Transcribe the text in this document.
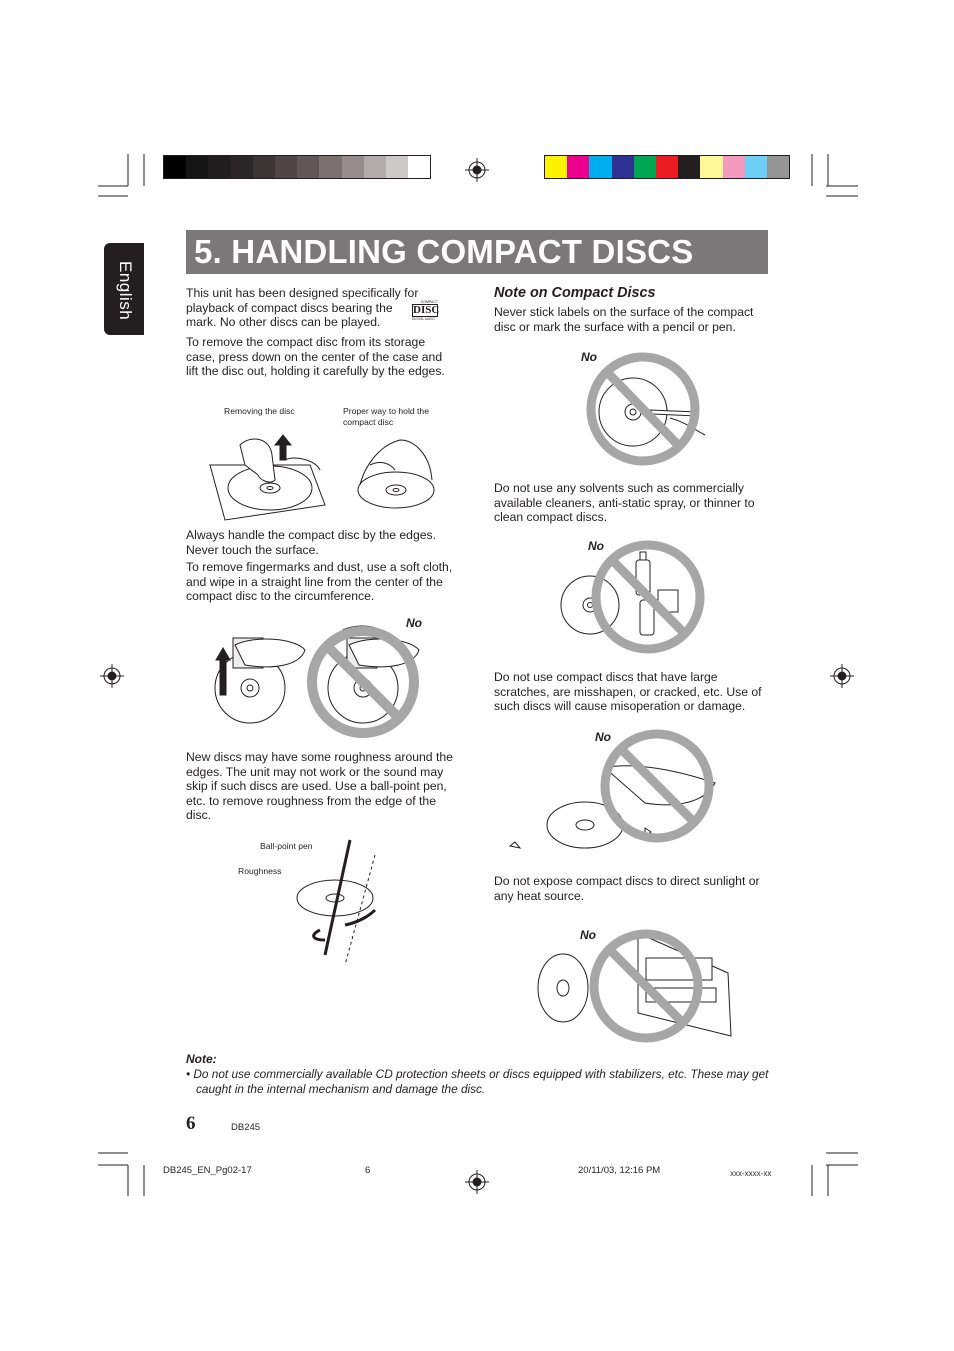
English
5. HANDLING COMPACT DISCS
This unit has been designed specifically for
playback of compact discs bearing the
mark. No other discs can be played.
COMPACT
DISC
DIGITAL AUDIO

To remove the compact disc from its storage case, press down on the center of the case and lift the disc out, holding it carefully by the edges.

Removing the disc	Proper way to hold the compact disc

Always handle the compact disc by the edges. Never touch the surface.

To remove fingermarks and dust, use a soft cloth, and wipe in a straight line from the center of the compact disc to the circumference.

No

New discs may have some roughness around the edges. The unit may not work or the sound may skip if such discs are used. Use a ball-point pen, etc. to remove roughness from the edge of the disc.

Ball-point pen
Roughness
Note on Compact Discs

Never stick labels on the surface of the compact disc or mark the surface with a pencil or pen.

No

Do not use any solvents such as commercially available cleaners, anti-static spray, or thinner to clean compact discs.

No

Do not use compact discs that have large scratches, are misshapen, or cracked, etc. Use of such discs will cause misoperation or damage.

No

Do not expose compact discs to direct sunlight or any heat source.

No
Note:

• Do not use commercially available CD protection sheets or discs equipped with stabilizers, etc. These may get caught in the internal mechanism and damage the disc.

6	DB245
DB245_EN_Pg02-17	6	20/11/03, 12:16 PM	xxx-xxxx-xx
